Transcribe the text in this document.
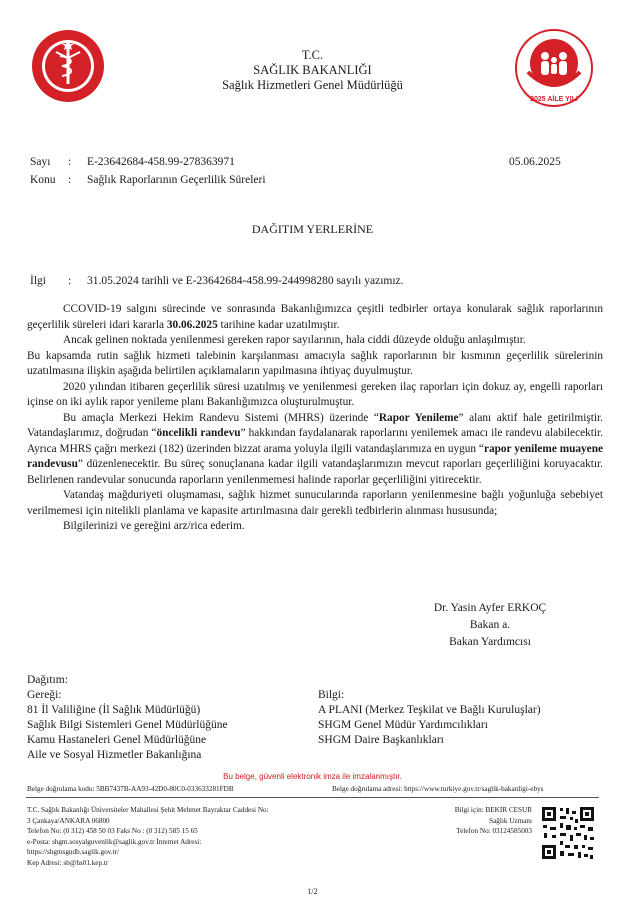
2025 AİLE YILI
T.C.
SAĞLIK BAKANLIĞI
Sağlık Hizmetleri Genel Müdürlüğü
Sayı : E-23642684-458.99-278363971	05.06.2025
Konu : Sağlık Raporlarının Geçerlilik Süreleri
DAĞITIM YERLERİNE
İlgi : 31.05.2024 tarihli ve E-23642684-458.99-244998280 sayılı yazımız.

CCOVID-19 salgını sürecinde ve sonrasında Bakanlığımızca çeşitli tedbirler ortaya konularak sağlık raporlarının geçerlilik süreleri idari kararla 30.06.2025 tarihine kadar uzatılmıştır.

Ancak gelinen noktada yenilenmesi gereken rapor sayılarının, hala ciddi düzeyde olduğu anlaşılmıştır.

Bu kapsamda rutin sağlık hizmeti talebinin karşılanması amacıyla sağlık raporlarının bir kısmının geçerlilik sürelerinin uzatılmasına ilişkin aşağıda belirtilen açıklamaların yapılmasına ihtiyaç duyulmuştur.

2020 yılından itibaren geçerlilik süresi uzatılmış ve yenilenmesi gereken ilaç raporları için dokuz ay, engelli raporları içinse on iki aylık rapor yenileme planı Bakanlığımızca oluşturulmuştur.

Bu amaçla Merkezi Hekim Randevu Sistemi (MHRS) üzerinde “Rapor Yenileme” alanı aktif hale getirilmiştir. Vatandaşlarımız, doğrudan “öncelikli randevu” hakkından faydalanarak raporlarını yenilemek amacı ile randevu alabilecektir. Ayrıca MHRS çağrı merkezi (182) üzerinden bizzat arama yoluyla ilgili vatandaşlarımıza en uygun “rapor yenileme muayene randevusu” düzenlenecektir. Bu süreç sonuçlanana kadar ilgili vatandaşlarımızın mevcut raporları geçerliliğini koruyacaktır. Belirlenen randevular sonucunda raporların yenilenmemesi halinde raporlar geçerliliğini yitirecektir.

Vatandaş mağduriyeti oluşmaması, sağlık hizmet sunucularında raporların yenilenmesine bağlı yoğunluğa sebebiyet verilmemesi için nitelikli planlama ve kapasite artırılmasına dair gerekli tedbirlerin alınması hususunda;

Bilgilerinizi ve gereğini arz/rica ederim.

Dr. Yasin Ayfer ERKOÇ
Bakan a.
Bakan Yardımcısı
Dağıtım:
Gereği:
81 İl Valiliğine (İl Sağlık Müdürlüğü)
Sağlık Bilgi Sistemleri Genel Müdürlüğüne
Kamu Hastaneleri Genel Müdürlüğüne
Aile ve Sosyal Hizmetler Bakanlığına
Bilgi:
A PLANI (Merkez Teşkilat ve Bağlı Kuruluşlar)
SHGM Genel Müdür Yardımcılıkları
SHGM Daire Başkanlıkları
Bu belge, güvenli elektronik imza ile imzalanmıştır.
Belge doğrulama kodu: 5BB7437B-AA93-42D0-80C0-033633281FDB	Belge doğrulama adresi: https://www.turkiye.gov.tr/saglik-bakanligi-ebys
T.C. Sağlık Bakanlığı Üniversiteler Mahallesi Şehit Mehmet Bayraktar Caddesi No:
3 Çankaya/ANKARA 06800
Telefon No: (0 312) 458 50 03 Faks No : (0 312) 585 15 65
e-Posta: shgm.sosyalguvenlik@saglik.gov.tr İnternet Adresi:
https://shgmsgudb.saglik.gov.tr/
Kep Adresi: sb@hs01.kep.tr
Bilgi için: BEKİR CESUR
Sağlık Uzmanı
Telefon No: 03124585003
1/2
